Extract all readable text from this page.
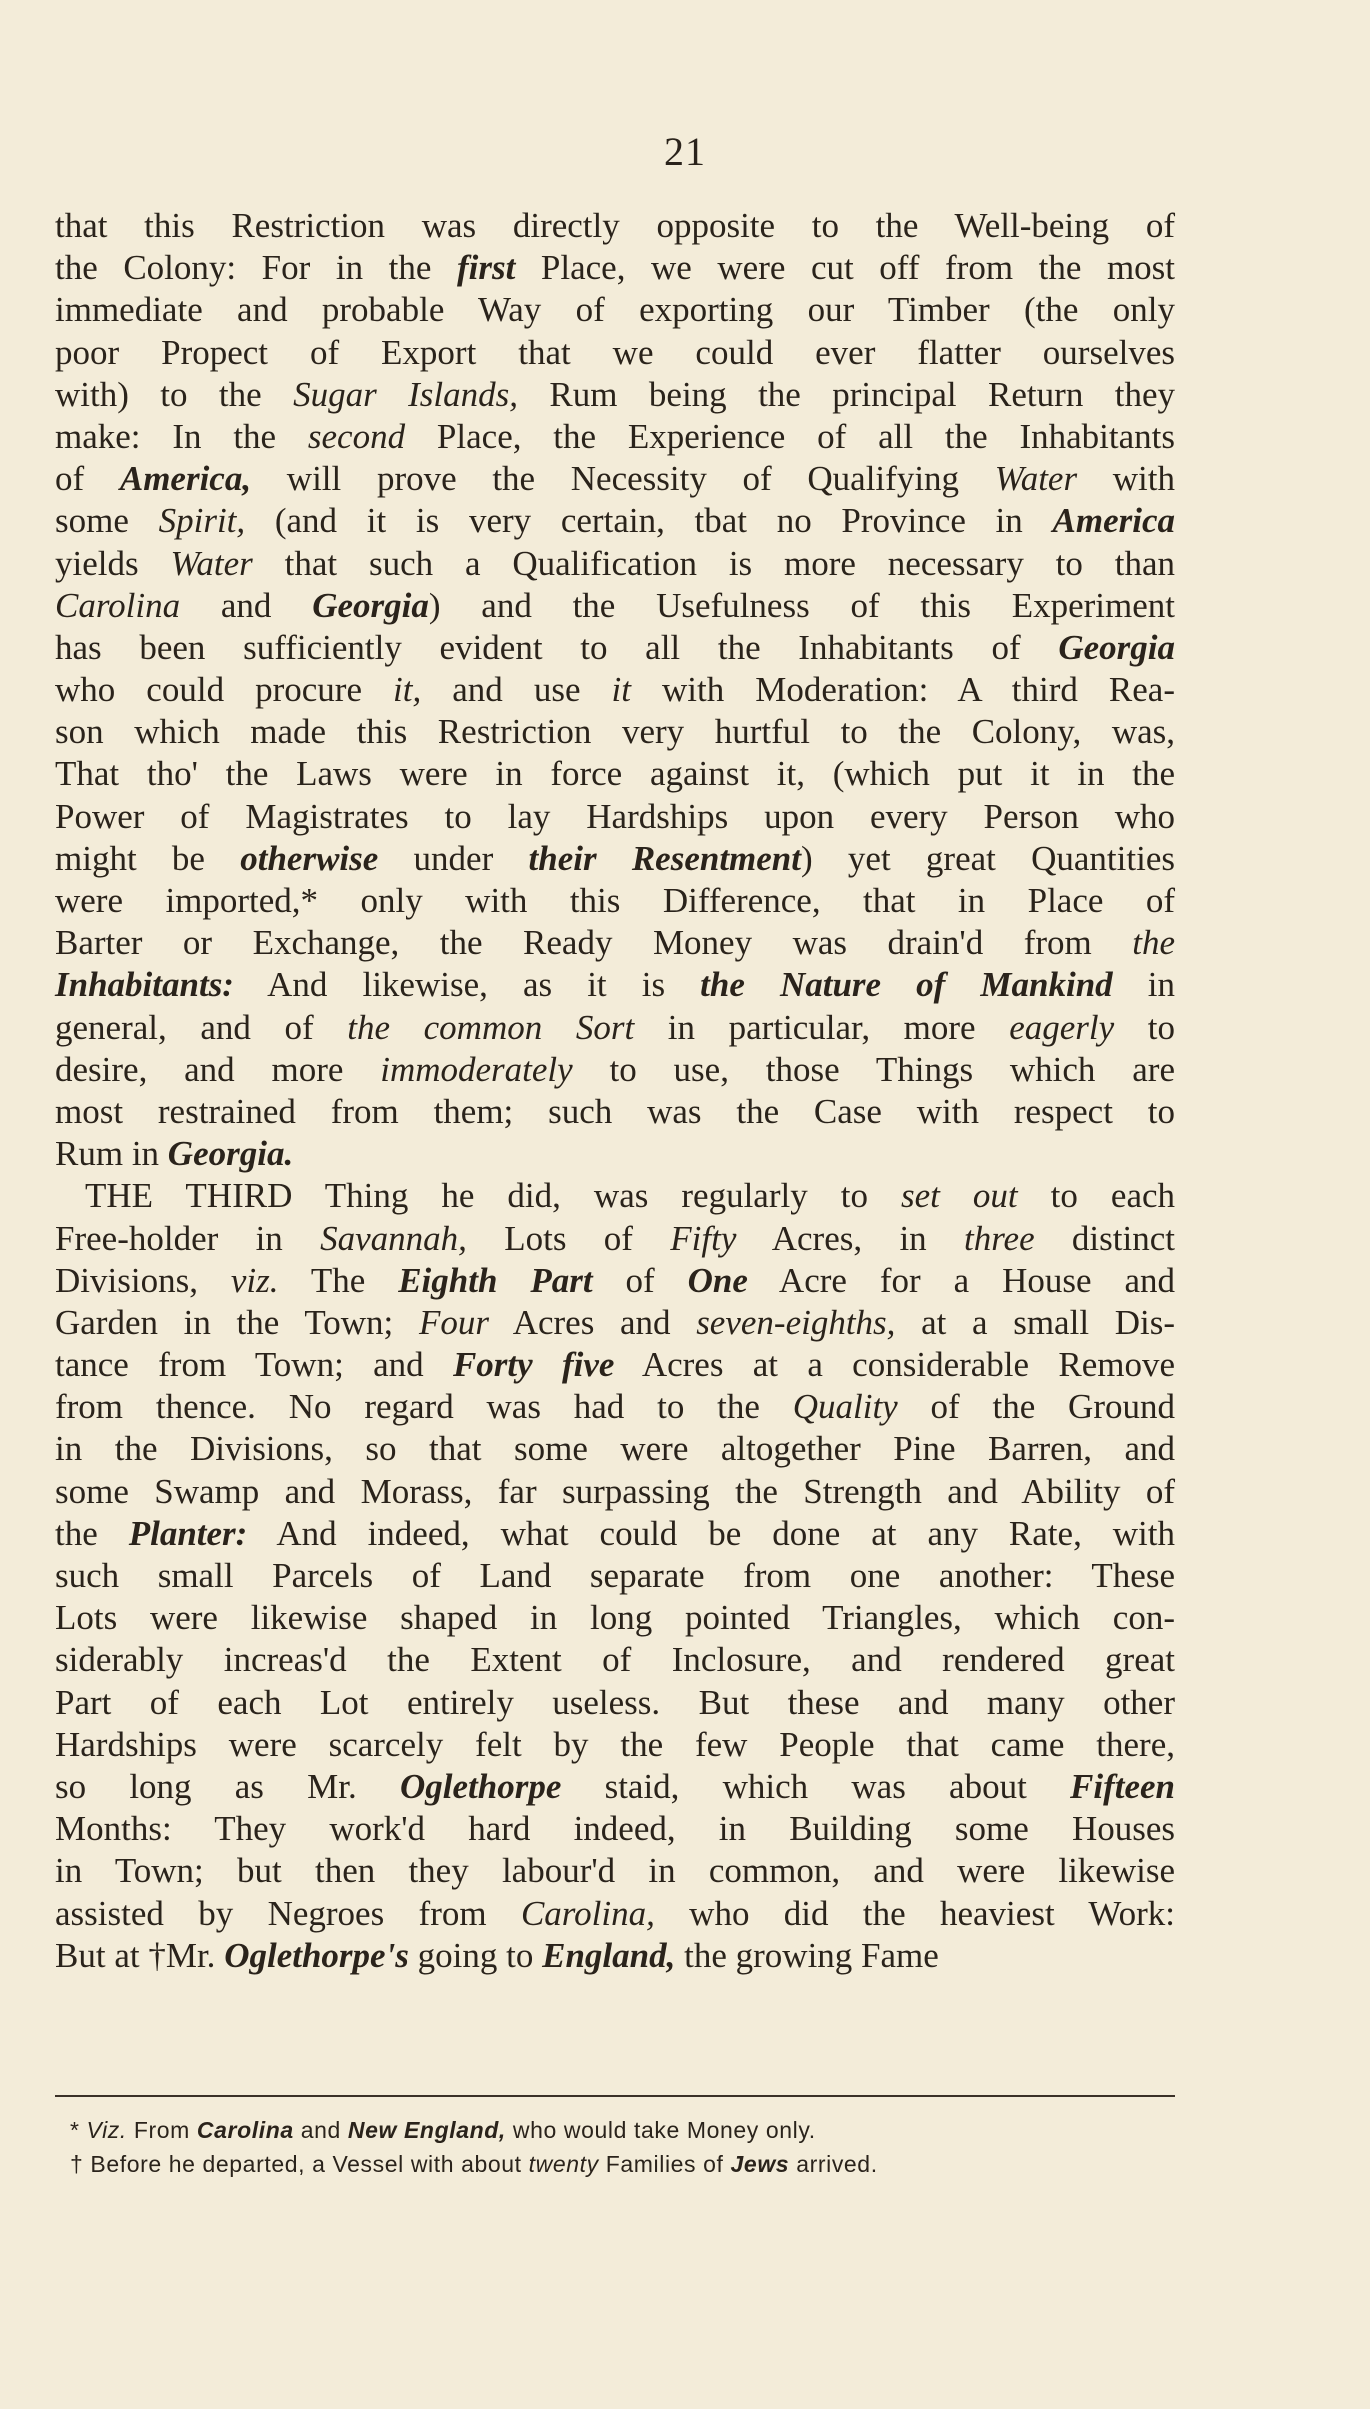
21
that this Restriction was directly opposite to the Well-being of
the Colony: For in the first Place, we were cut off from the most
immediate and probable Way of exporting our Timber (the only
poor Propect of Export that we could ever flatter ourselves
with) to the Sugar Islands, Rum being the principal Return they
make: In the second Place, the Experience of all the Inhabitants
of America, will prove the Necessity of Qualifying Water with
some Spirit, (and it is very certain, tbat no Province in America
yields Water that such a Qualification is more necessary to than
Carolina and Georgia) and the Usefulness of this Experiment
has been sufficiently evident to all the Inhabitants of Georgia
who could procure it, and use it with Moderation: A third Rea-
son which made this Restriction very hurtful to the Colony, was,
That tho' the Laws were in force against it, (which put it in the
Power of Magistrates to lay Hardships upon every Person who
might be otherwise under their Resentment) yet great Quantities
were imported,* only with this Difference, that in Place of
Barter or Exchange, the Ready Money was drain'd from the
Inhabitants: And likewise, as it is the Nature of Mankind in
general, and of the common Sort in particular, more eagerly to
desire, and more immoderately to use, those Things which are
most restrained from them; such was the Case with respect to
Rum in Georgia.
THE THIRD Thing he did, was regularly to set out to each
Free-holder in Savannah, Lots of Fifty Acres, in three distinct
Divisions, viz. The Eighth Part of One Acre for a House and
Garden in the Town; Four Acres and seven-eighths, at a small Dis-
tance from Town; and Forty five Acres at a considerable Remove
from thence. No regard was had to the Quality of the Ground
in the Divisions, so that some were altogether Pine Barren, and
some Swamp and Morass, far surpassing the Strength and Ability of
the Planter: And indeed, what could be done at any Rate, with
such small Parcels of Land separate from one another: These
Lots were likewise shaped in long pointed Triangles, which con-
siderably increas'd the Extent of Inclosure, and rendered great
Part of each Lot entirely useless. But these and many other
Hardships were scarcely felt by the few People that came there,
so long as Mr. Oglethorpe staid, which was about Fifteen
Months: They work'd hard indeed, in Building some Houses
in Town; but then they labour'd in common, and were likewise
assisted by Negroes from Carolina, who did the heaviest Work:
But at †Mr. Oglethorpe's going to England, the growing Fame
* Viz. From Carolina and New England, who would take Money only.
† Before he departed, a Vessel with about twenty Families of Jews arrived.
